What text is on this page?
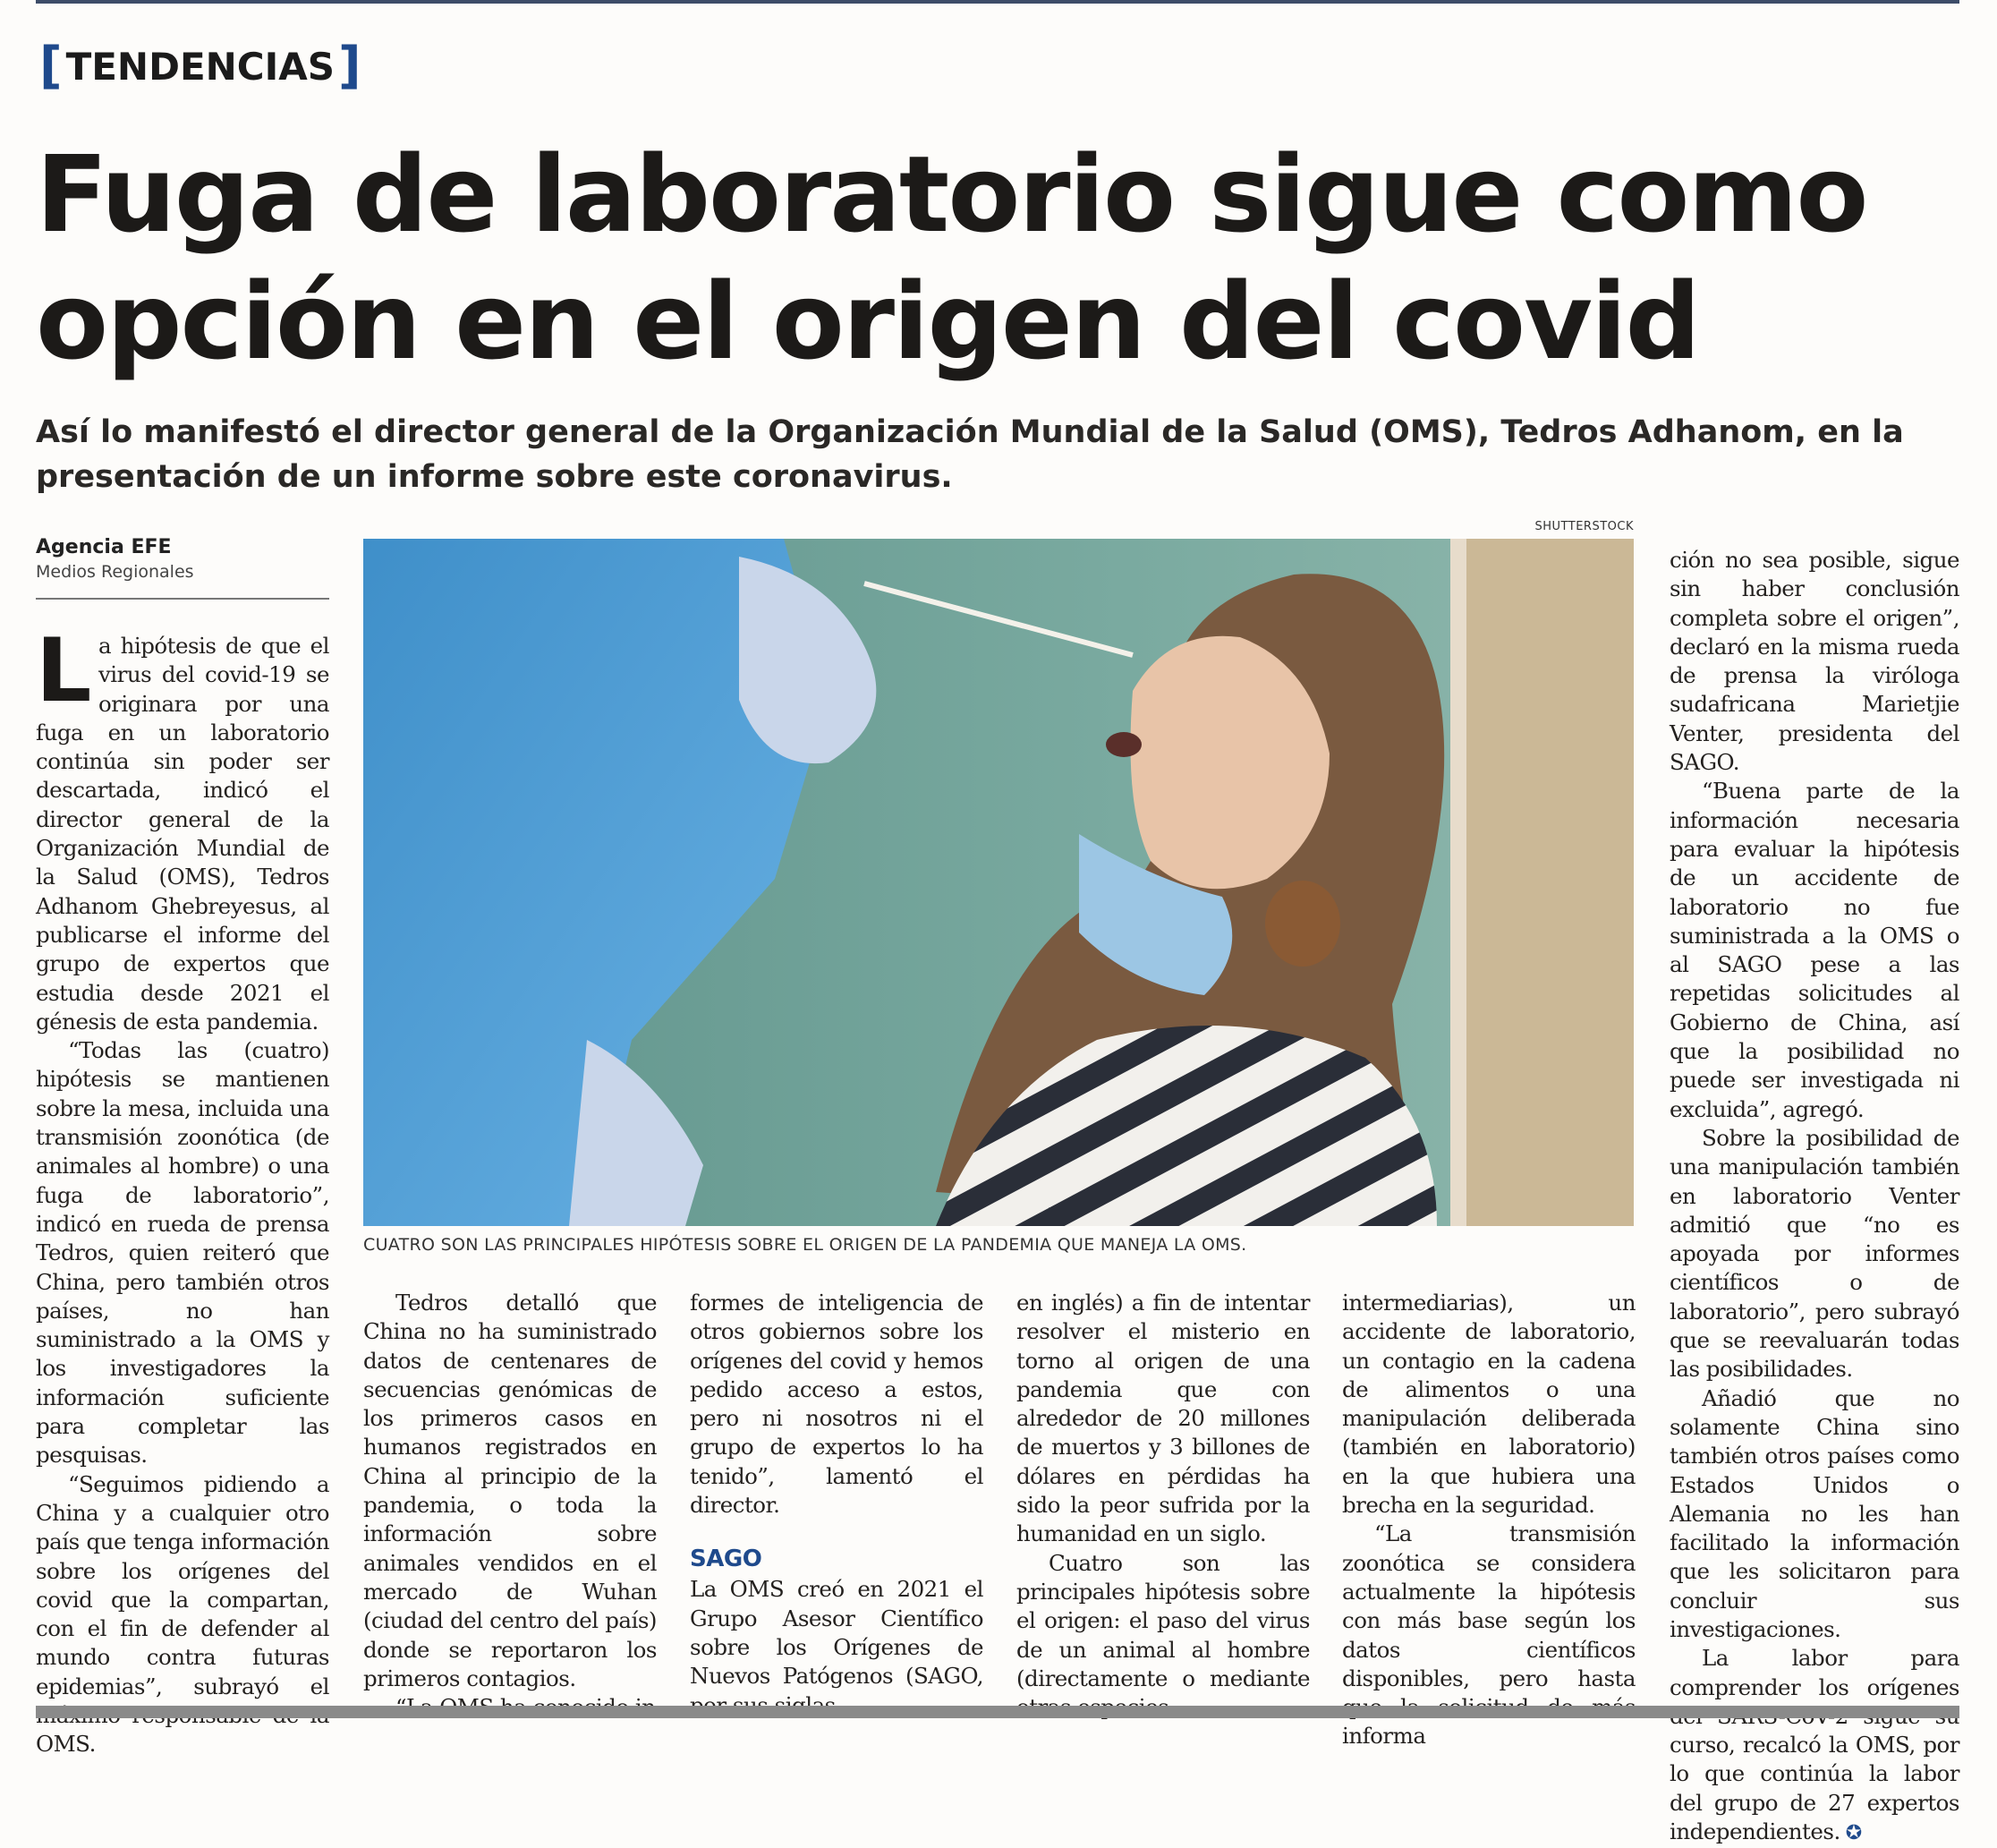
[ TENDENCIAS ]
Fuga de laboratorio sigue como opción en el origen del covid

Así lo manifestó el director general de la Organización Mundial de la Salud (OMS), Tedros Adhanom, en la presentación de un informe sobre este coronavirus.

Agencia EFE
Medios Regionales
SHUTTERSTOCK
CUATRO SON LAS PRINCIPALES HIPÓTESIS SOBRE EL ORIGEN DE LA PANDEMIA QUE MANEJA LA OMS.

La hipótesis de que el virus del covid-19 se originara por una fuga en un laboratorio continúa sin poder ser descartada, indicó el director general de la Organización Mundial de la Salud (OMS), Tedros Adhanom Ghebreyesus, al publicarse el informe del grupo de expertos que estudia desde 2021 el génesis de esta pandemia.

“Todas las (cuatro) hipótesis se mantienen sobre la mesa, incluida una transmisión zoonótica (de animales al hombre) o una fuga de laboratorio”, indicó en rueda de prensa Tedros, quien reiteró que China, pero también otros países, no han suministrado a la OMS y los investigadores la información suficiente para completar las pesquisas.

“Seguimos pidiendo a China y a cualquier otro país que tenga información sobre los orígenes del covid que la compartan, con el fin de defender al mundo contra futuras epidemias”, subrayó el OMS.

Tedros detalló que China no ha suministrado datos de centenares de secuencias genómicas de los primeros casos en humanos registrados en China al principio de la pandemia, o toda la información sobre animales vendidos en el mercado de Wuhan (ciudad del centro del país) donde se reportaron los primeros contagios.

formes de inteligencia de otros gobiernos sobre los orígenes del covid y hemos pedido acceso a estos, pero ni nosotros ni el grupo de expertos lo ha tenido”, lamentó el director.

SAGO

La OMS creó en 2021 el Grupo Asesor Científico sobre los Orígenes de Nuevos Patógenos (SAGO,

en inglés) a fin de intentar resolver el misterio en torno al origen de una pandemia que con alrededor de 20 millones de muertos y 3 billones de dólares en pérdidas ha sido la peor sufrida por la humanidad en un siglo.

Cuatro son las principales hipótesis sobre el origen: el paso del virus de un animal al hombre (directamente o mediante

intermediarias), un accidente de laboratorio, un contagio en la cadena de alimentos o una manipulación deliberada (también en laboratorio) en la que hubiera una brecha en la seguridad.

“La transmisión zoonótica se considera actualmente la hipótesis con más base según los datos científicos disponibles, pero hasta informa

ción no sea posible, sigue sin haber conclusión completa sobre el origen”, declaró en la misma rueda de prensa la viróloga sudafricana Marietjie Venter, presidenta del SAGO.

“Buena parte de la información necesaria para evaluar la hipótesis de un accidente de laboratorio no fue suministrada a la OMS o al SAGO pese a las repetidas solicitudes al Gobierno de China, así que la posibilidad no puede ser investigada ni excluida”, agregó.

Sobre la posibilidad de una manipulación también en laboratorio Venter admitió que “no es apoyada por informes científicos o de laboratorio”, pero subrayó que se reevaluarán todas las posibilidades.

Añadió que no solamente China sino también otros países como Estados Unidos o Alemania no les han facilitado la información que les solicitaron para concluir sus investigaciones.

La labor para comprender los orígenes curso, recalcó la OMS, por lo que continúa la labor del grupo de 27 expertos independientes. ✪
